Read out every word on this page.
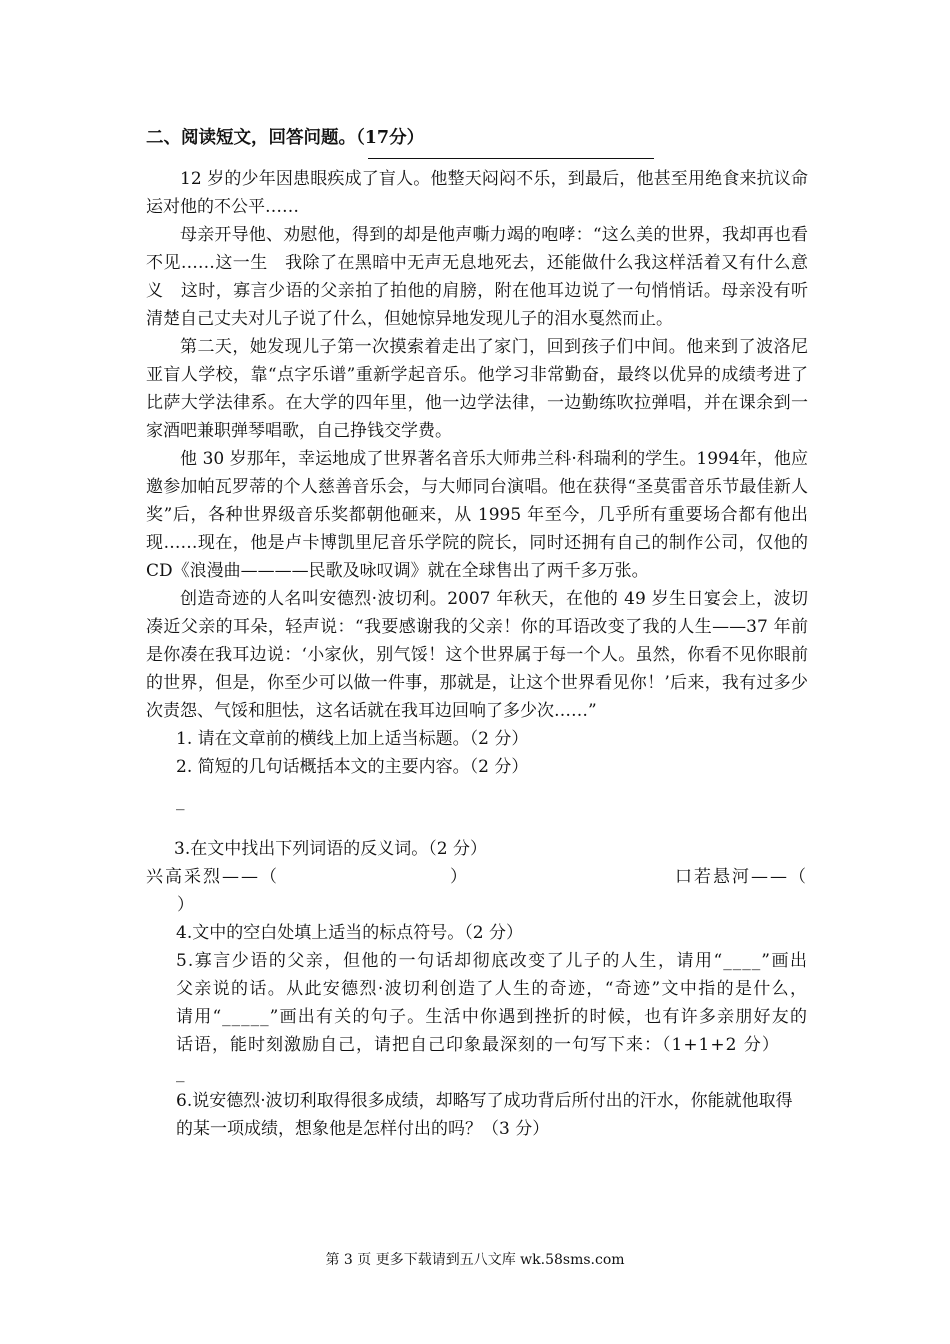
二、阅读短文，回答问题。（17分）

12 岁的少年因患眼疾成了盲人。他整天闷闷不乐，到最后，他甚至用绝食来抗议命运对他的不公平……

母亲开导他、劝慰他，得到的却是他声嘶力竭的咆哮：“这么美的世界，我却再也看不见……这一生　我除了在黑暗中无声无息地死去，还能做什么我这样活着又有什么意义　这时，寡言少语的父亲拍了拍他的肩膀，附在他耳边说了一句悄悄话。母亲没有听清楚自己丈夫对儿子说了什么，但她惊异地发现儿子的泪水戛然而止。

第二天，她发现儿子第一次摸索着走出了家门，回到孩子们中间。他来到了波洛尼亚盲人学校，靠“点字乐谱”重新学起音乐。他学习非常勤奋，最终以优异的成绩考进了比萨大学法律系。在大学的四年里，他一边学法律，一边勤练吹拉弹唱，并在课余到一家酒吧兼职弹琴唱歌，自己挣钱交学费。

他 30 岁那年，幸运地成了世界著名音乐大师弗兰科·科瑞利的学生。1994年，他应邀参加帕瓦罗蒂的个人慈善音乐会，与大师同台演唱。他在获得“圣莫雷音乐节最佳新人奖”后，各种世界级音乐奖都朝他砸来，从 1995 年至今，几乎所有重要场合都有他出现……现在，他是卢卡博凯里尼音乐学院的院长，同时还拥有自己的制作公司，仅他的 CD《浪漫曲————民歌及咏叹调》就在全球售出了两千多万张。

创造奇迹的人名叫安德烈·波切利。2007 年秋天，在他的 49 岁生日宴会上，波切凑近父亲的耳朵，轻声说：“我要感谢我的父亲！你的耳语改变了我的人生——37 年前是你凑在我耳边说：‘小家伙，别气馁！这个世界属于每一个人。虽然，你看不见你眼前的世界，但是，你至少可以做一件事，那就是，让这个世界看见你！’后来，我有过多少次责怨、气馁和胆怯，这名话就在我耳边回响了多少次……”

1. 请在文章前的横线上加上适当标题。（2 分）

2. 简短的几句话概括本文的主要内容。（2 分）

_

3.在文中找出下列词语的反义词。（2 分）

兴高采烈——（　　　　　　　　　）	口若悬河——（

　）

4.文中的空白处填上适当的标点符号。（2 分）

5.寡言少语的父亲，但他的一句话却彻底改变了儿子的人生，请用“____”画出父亲说的话。从此安德烈·波切利创造了人生的奇迹，“奇迹”文中指的是什么，请用“_____”画出有关的句子。生活中你遇到挫折的时候，也有许多亲朋好友的话语，能时刻激励自己，请把自己印象最深刻的一句写下来：（1+1+2 分）

_

6.说安德烈·波切利取得很多成绩，却略写了成功背后所付出的汗水，你能就他取得的某一项成绩，想象他是怎样付出的吗？（3 分）

第 3 页 更多下载请到五八文库 wk.58sms.com
